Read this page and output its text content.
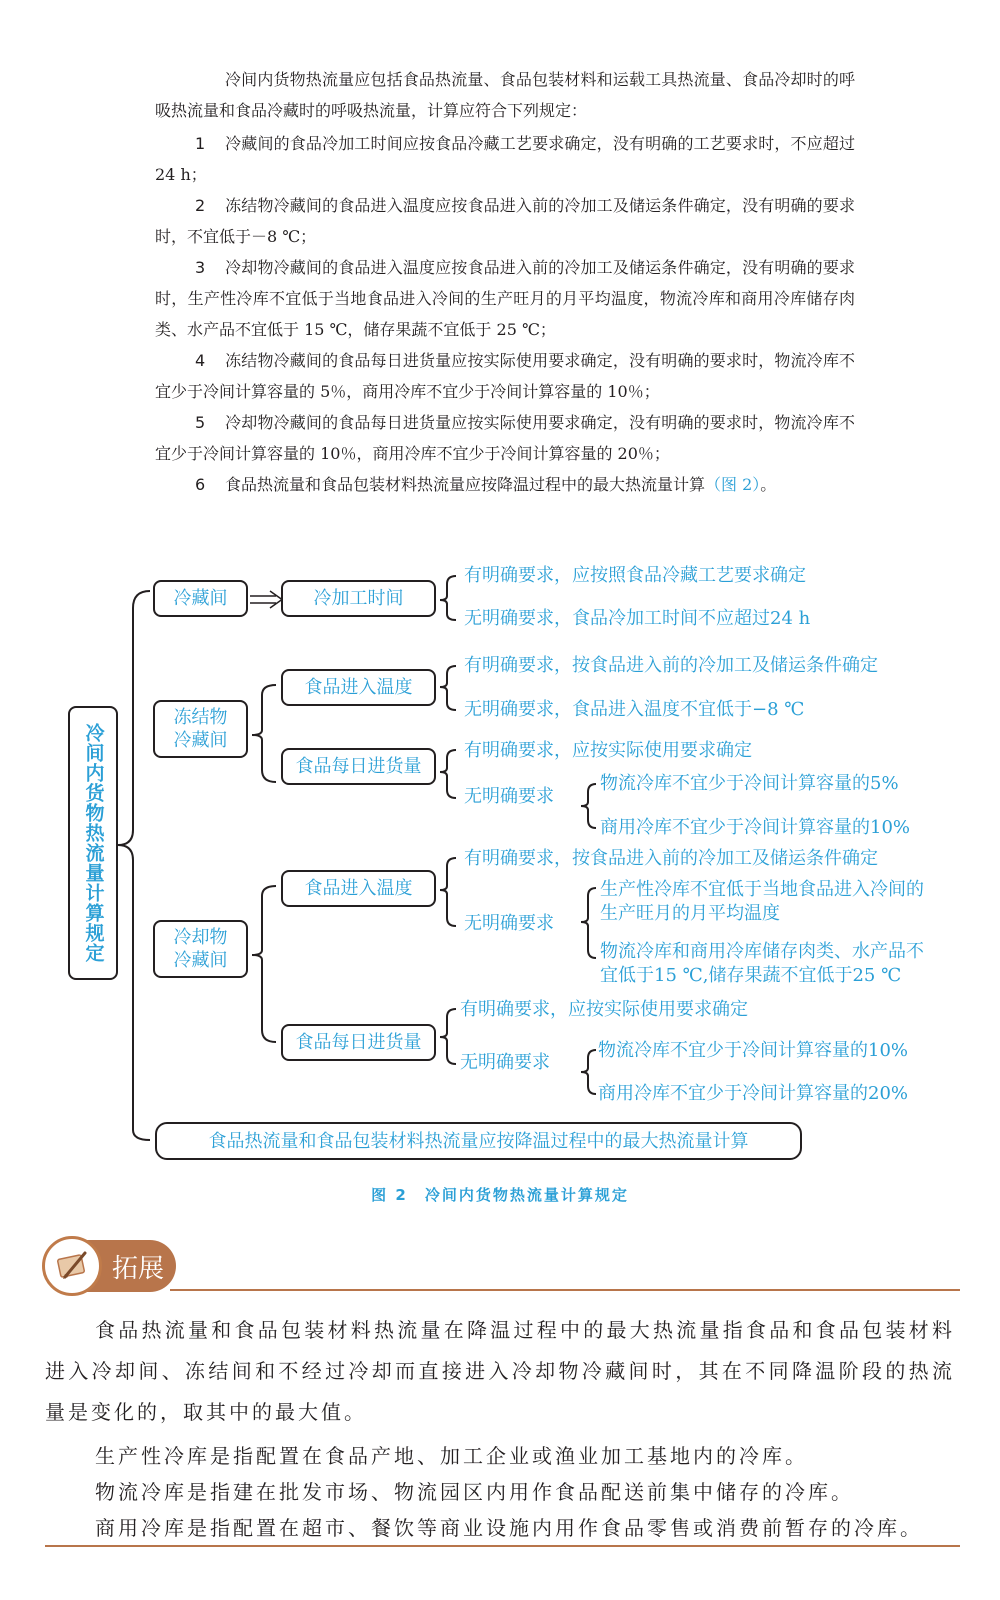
冷间内货物热流量应包括食品热流量、食品包装材料和运载工具热流量、食品冷却时的呼吸热流量和食品冷藏时的呼吸热流量，计算应符合下列规定：

1 冷藏间的食品冷加工时间应按食品冷藏工艺要求确定，没有明确的工艺要求时，不应超过 24 h；

2 冻结物冷藏间的食品进入温度应按食品进入前的冷加工及储运条件确定，没有明确的要求时，不宜低于－8 ℃；

3 冷却物冷藏间的食品进入温度应按食品进入前的冷加工及储运条件确定，没有明确的要求时，生产性冷库不宜低于当地食品进入冷间的生产旺月的月平均温度，物流冷库和商用冷库储存肉类、水产品不宜低于 15 ℃，储存果蔬不宜低于 25 ℃；

4 冻结物冷藏间的食品每日进货量应按实际使用要求确定，没有明确的要求时，物流冷库不宜少于冷间计算容量的 5％，商用冷库不宜少于冷间计算容量的 10％；

5 冷却物冷藏间的食品每日进货量应按实际使用要求确定，没有明确的要求时，物流冷库不宜少于冷间计算容量的 10％，商用冷库不宜少于冷间计算容量的 20％；

6 食品热流量和食品包装材料热流量应按降温过程中的最大热流量计算（图 2）。

冷间内货物热流量计算规定
冷藏间	冷加工时间
冻结物冷藏间
食品进入温度
食品每日进货量
冷却物冷藏间
食品进入温度
食品每日进货量
食品热流量和食品包装材料热流量应按降温过程中的最大热流量计算
有明确要求，应按照食品冷藏工艺要求确定
无明确要求，食品冷加工时间不应超过24 h
有明确要求，按食品进入前的冷加工及储运条件确定
无明确要求，食品进入温度不宜低于−8 ℃
有明确要求，应按实际使用要求确定
无明确要求
物流冷库不宜少于冷间计算容量的5%
商用冷库不宜少于冷间计算容量的10%
有明确要求，按食品进入前的冷加工及储运条件确定
无明确要求
生产性冷库不宜低于当地食品进入冷间的生产旺月的月平均温度
物流冷库和商用冷库储存肉类、水产品不宜低于15 ℃,储存果蔬不宜低于25 ℃
有明确要求，应按实际使用要求确定
无明确要求
物流冷库不宜少于冷间计算容量的10%
商用冷库不宜少于冷间计算容量的20%
图 2　冷间内货物热流量计算规定
拓展

食品热流量和食品包装材料热流量在降温过程中的最大热流量指食品和食品包装材料进入冷却间、冻结间和不经过冷却而直接进入冷却物冷藏间时，其在不同降温阶段的热流量是变化的，取其中的最大值。

生产性冷库是指配置在食品产地、加工企业或渔业加工基地内的冷库。

物流冷库是指建在批发市场、物流园区内用作食品配送前集中储存的冷库。

商用冷库是指配置在超市、餐饮等商业设施内用作食品零售或消费前暂存的冷库。
